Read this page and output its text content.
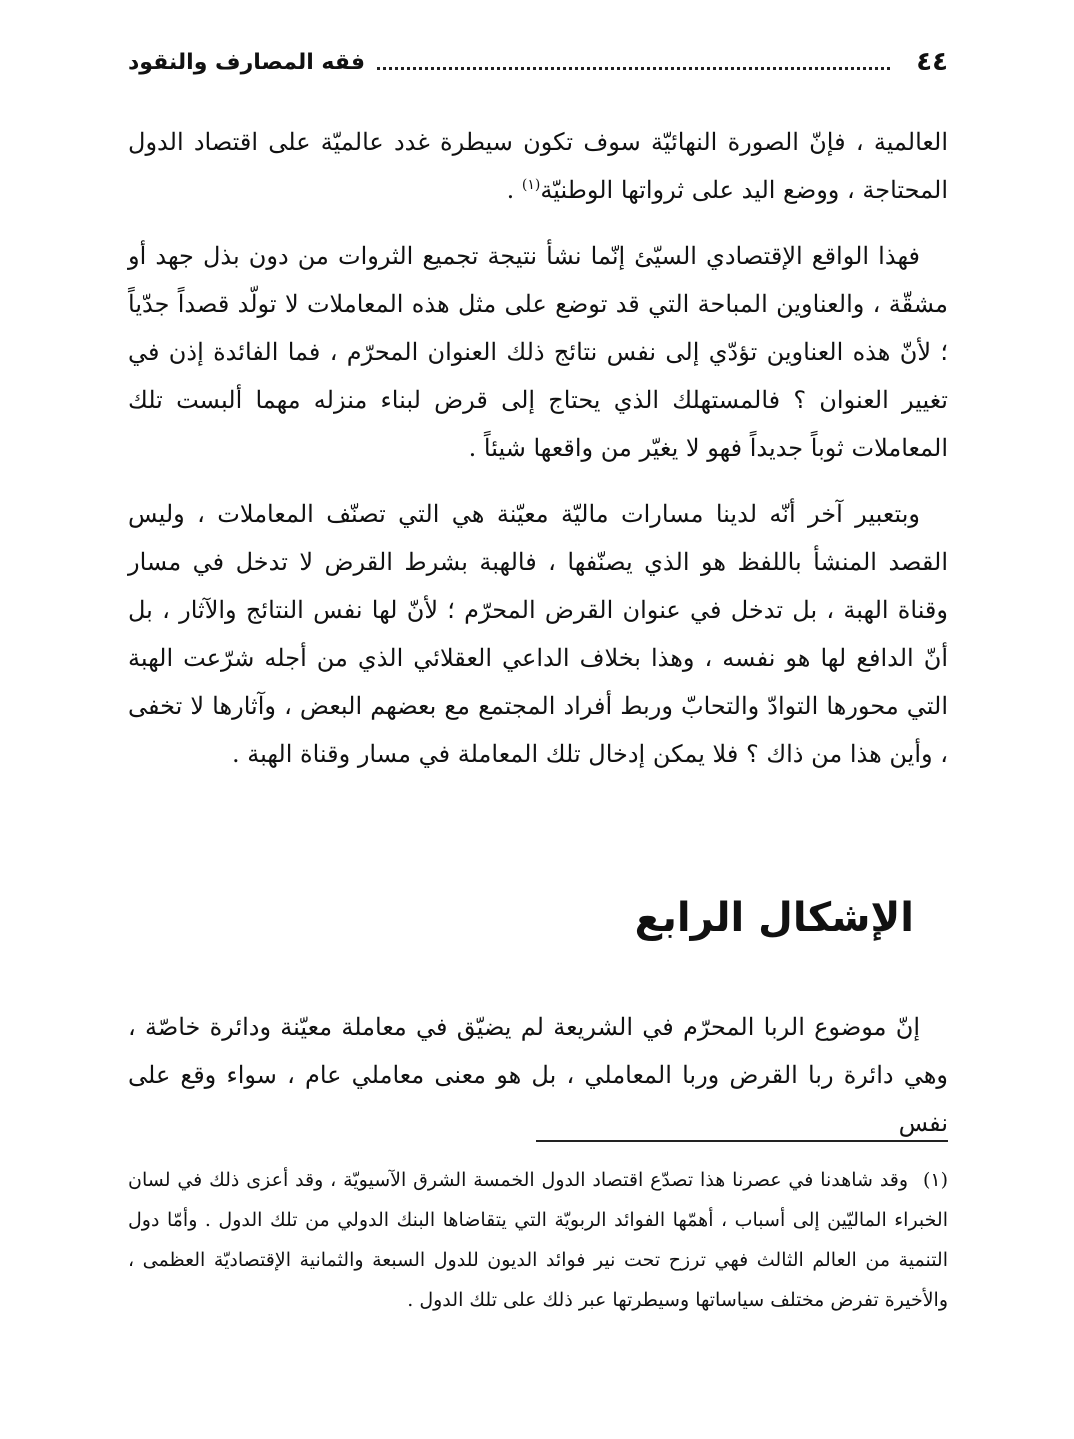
٤٤
فقه المصارف والنقود

العالمية ، فإنّ الصورة النهائيّة سوف تكون سيطرة غدد عالميّة على اقتصاد الدول المحتاجة ، ووضع اليد على ثرواتها الوطنيّة$^{(١)}$ .

فهذا الواقع الإقتصادي السيّئ إنّما نشأ نتيجة تجميع الثروات من دون بذل جهد أو مشقّة ، والعناوين المباحة التي قد توضع على مثل هذه المعاملات لا تولّد قصداً جدّياً ؛ لأنّ هذه العناوين تؤدّي إلى نفس نتائج ذلك العنوان المحرّم ، فما الفائدة إذن في تغيير العنوان ؟ فالمستهلك الذي يحتاج إلى قرض لبناء منزله مهما ألبست تلك المعاملات ثوباً جديداً فهو لا يغيّر من واقعها شيئاً .

وبتعبير آخر أنّه لدينا مسارات ماليّة معيّنة هي التي تصنّف المعاملات ، وليس القصد المنشأ باللفظ هو الذي يصنّفها ، فالهبة بشرط القرض لا تدخل في مسار وقناة الهبة ، بل تدخل في عنوان القرض المحرّم ؛ لأنّ لها نفس النتائج والآثار ، بل أنّ الدافع لها هو نفسه ، وهذا بخلاف الداعي العقلائي الذي من أجله شرّعت الهبة التي محورها التوادّ والتحابّ وربط أفراد المجتمع مع بعضهم البعض ، وآثارها لا تخفى ، وأين هذا من ذاك ؟ فلا يمكن إدخال تلك المعاملة في مسار وقناة الهبة .

الإشكال الرابع

إنّ موضوع الربا المحرّم في الشريعة لم يضيّق في معاملة معيّنة ودائرة خاصّة ، وهي دائرة ربا القرض وربا المعاملي ، بل هو معنى معاملي عام ، سواء وقع على نفس

(١) وقد شاهدنا في عصرنا هذا تصدّع اقتصاد الدول الخمسة الشرق الآسيويّة ، وقد أعزى ذلك في لسان الخبراء الماليّين إلى أسباب ، أهمّها الفوائد الربويّة التي يتقاضاها البنك الدولي من تلك الدول . وأمّا دول التنمية من العالم الثالث فهي ترزح تحت نير فوائد الديون للدول السبعة والثمانية الإقتصاديّة العظمى ، والأخيرة تفرض مختلف سياساتها وسيطرتها عبر ذلك على تلك الدول .
